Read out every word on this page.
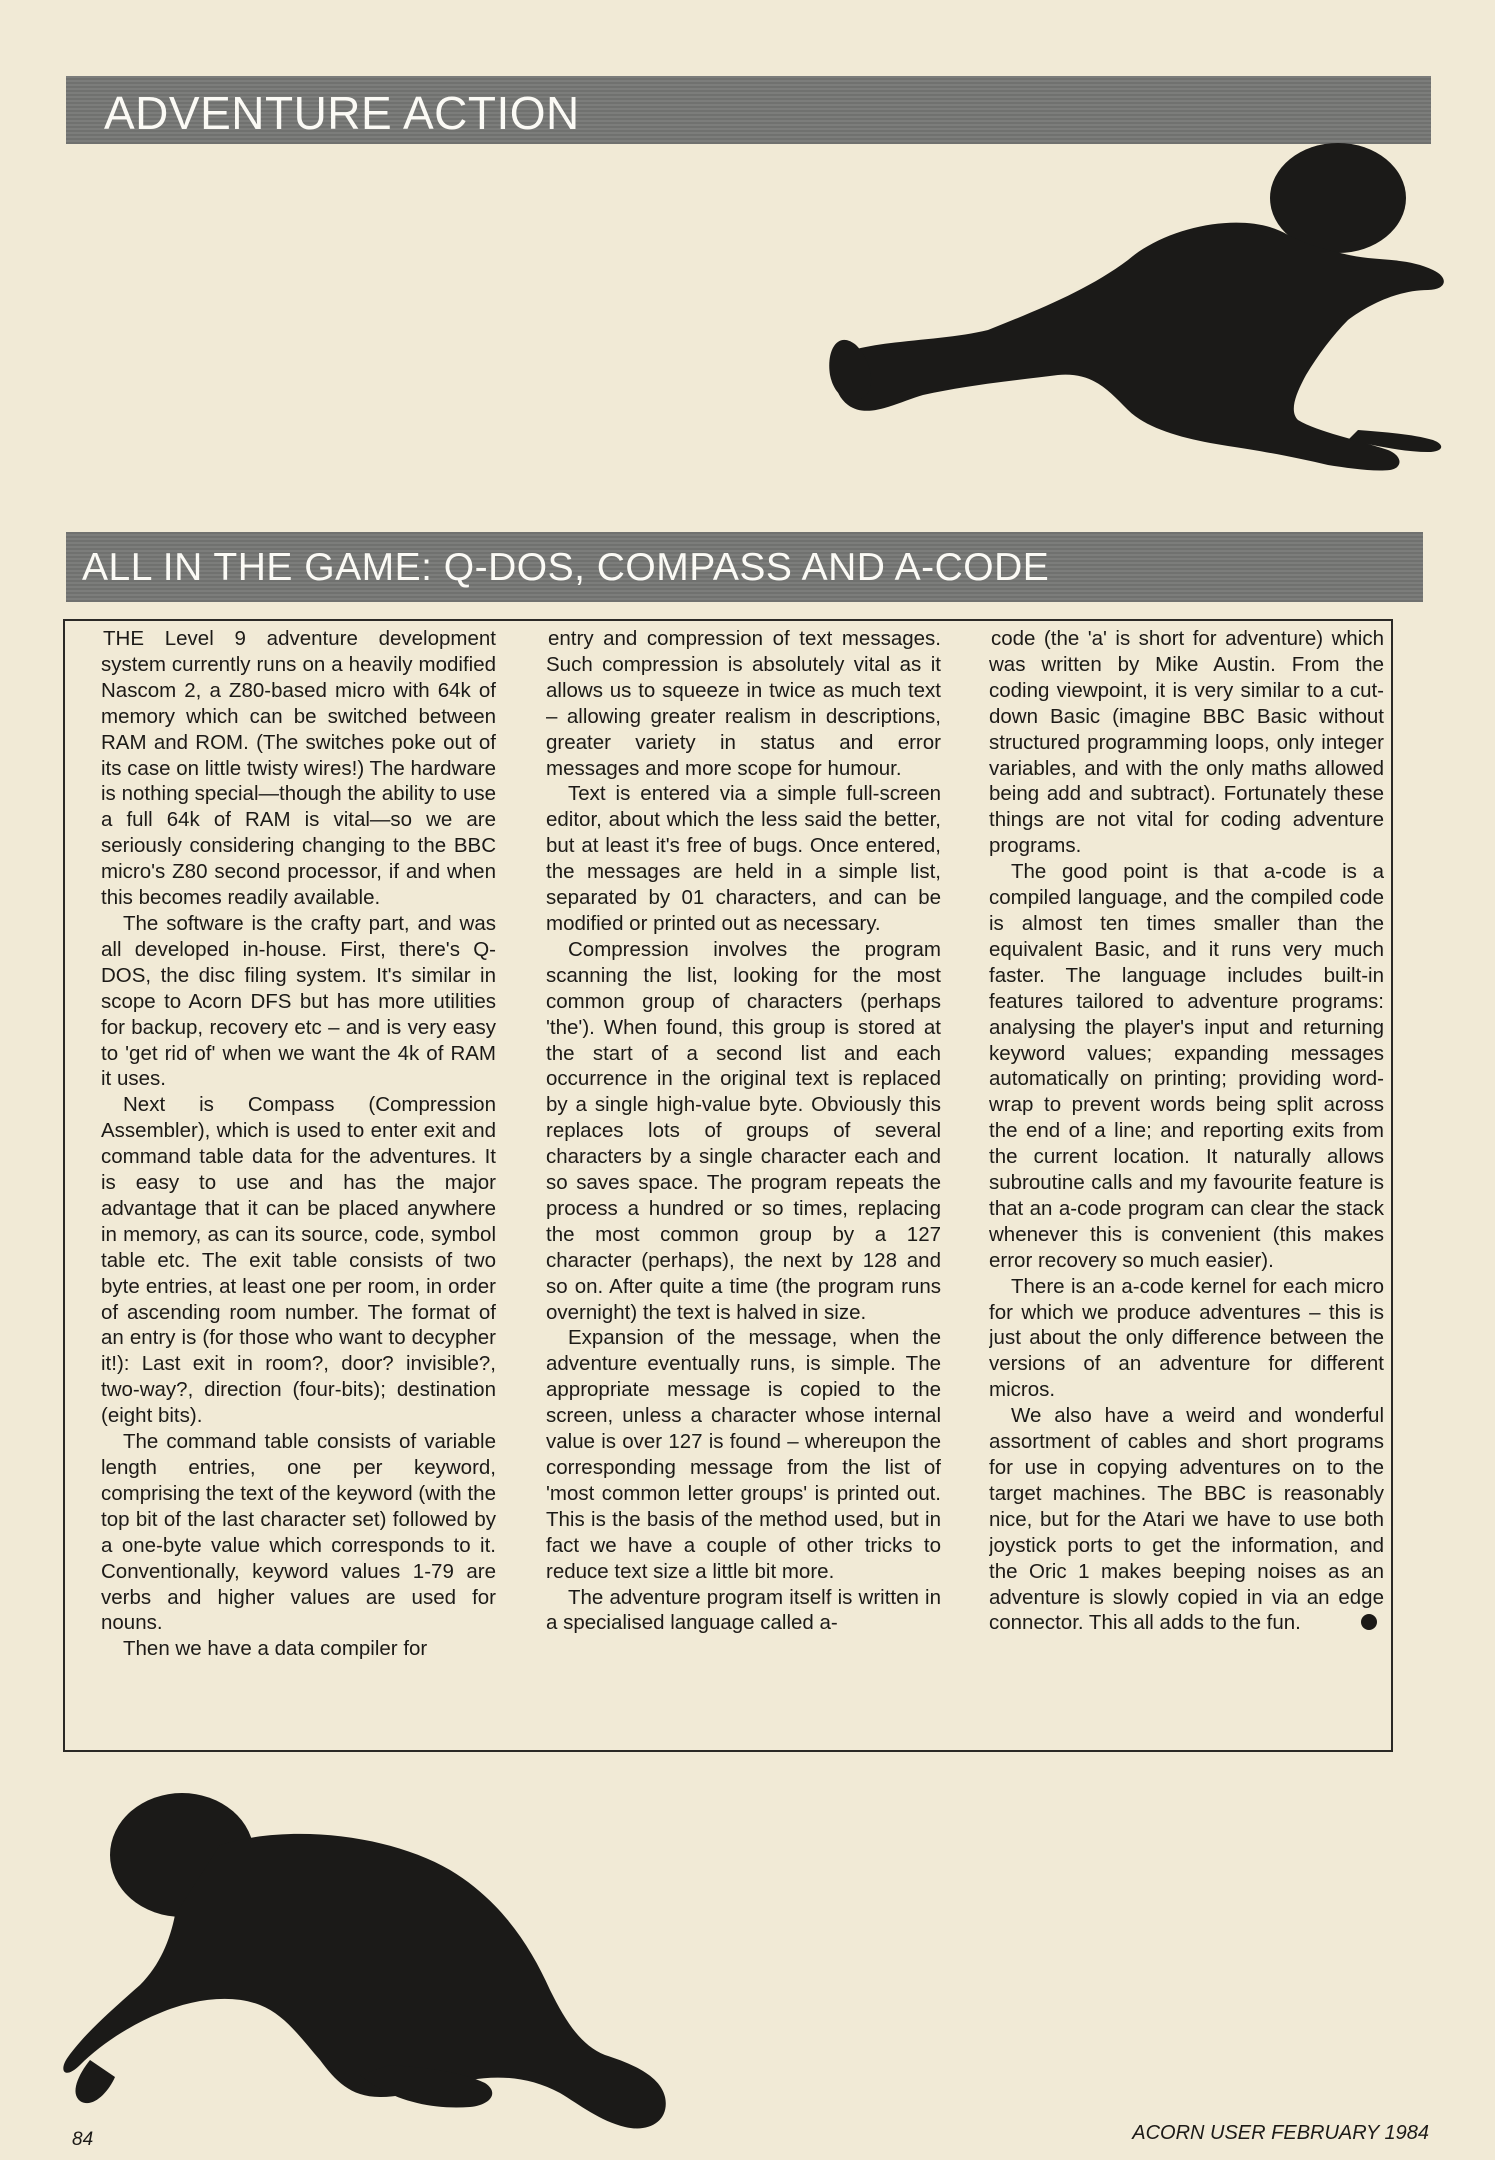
ADVENTURE ACTION
ALL IN THE GAME: Q-DOS, COMPASS AND A-CODE

THE Level 9 adventure development system currently runs on a heavily modified Nascom 2, a Z80-based micro with 64k of memory which can be switched between RAM and ROM. (The switches poke out of its case on little twisty wires!) The hardware is nothing special—though the ability to use a full 64k of RAM is vital—so we are seriously considering changing to the BBC micro's Z80 second processor, if and when this becomes readily available.

The software is the crafty part, and was all developed in-house. First, there's Q-DOS, the disc filing system. It's similar in scope to Acorn DFS but has more utilities for backup, recovery etc – and is very easy to 'get rid of' when we want the 4k of RAM it uses.

Next is Compass (Compression Assembler), which is used to enter exit and command table data for the adventures. It is easy to use and has the major advantage that it can be placed anywhere in memory, as can its source, code, symbol table etc. The exit table consists of two byte entries, at least one per room, in order of ascending room number. The format of an entry is (for those who want to decypher it!): Last exit in room?, door? invisible?, two-way?, direction (four-bits); destination (eight bits).

The command table consists of variable length entries, one per keyword, comprising the text of the keyword (with the top bit of the last character set) followed by a one-byte value which corresponds to it. Conventionally, keyword values 1-79 are verbs and higher values are used for nouns.

Then we have a data compiler for

entry and compression of text messages. Such compression is absolutely vital as it allows us to squeeze in twice as much text – allowing greater realism in descriptions, greater variety in status and error messages and more scope for humour.

Text is entered via a simple full-screen editor, about which the less said the better, but at least it's free of bugs. Once entered, the messages are held in a simple list, separated by 01 characters, and can be modified or printed out as necessary.

Compression involves the program scanning the list, looking for the most common group of characters (perhaps 'the'). When found, this group is stored at the start of a second list and each occurrence in the original text is replaced by a single high-value byte. Obviously this replaces lots of groups of several characters by a single character each and so saves space. The program repeats the process a hundred or so times, replacing the most common group by a 127 character (perhaps), the next by 128 and so on. After quite a time (the program runs overnight) the text is halved in size.

Expansion of the message, when the adventure eventually runs, is simple. The appropriate message is copied to the screen, unless a character whose internal value is over 127 is found – whereupon the corresponding message from the list of 'most common letter groups' is printed out. This is the basis of the method used, but in fact we have a couple of other tricks to reduce text size a little bit more.

The adventure program itself is written in a specialised language called a-

code (the 'a' is short for adventure) which was written by Mike Austin. From the coding viewpoint, it is very similar to a cut-down Basic (imagine BBC Basic without structured programming loops, only integer variables, and with the only maths allowed being add and subtract). Fortunately these things are not vital for coding adventure programs.

The good point is that a-code is a compiled language, and the compiled code is almost ten times smaller than the equivalent Basic, and it runs very much faster. The language includes built-in features tailored to adventure programs: analysing the player's input and returning keyword values; expanding messages automatically on printing; providing word-wrap to prevent words being split across the end of a line; and reporting exits from the current location. It naturally allows subroutine calls and my favourite feature is that an a-code program can clear the stack whenever this is convenient (this makes error recovery so much easier).

There is an a-code kernel for each micro for which we produce adventures – this is just about the only difference between the versions of an adventure for different micros.

We also have a weird and wonderful assortment of cables and short programs for use in copying adventures on to the target machines. The BBC is reasonably nice, but for the Atari we have to use both joystick ports to get the information, and the Oric 1 makes beeping noises as an adventure is slowly copied in via an edge connector. This all adds to the fun.

84	ACORN USER FEBRUARY 1984
